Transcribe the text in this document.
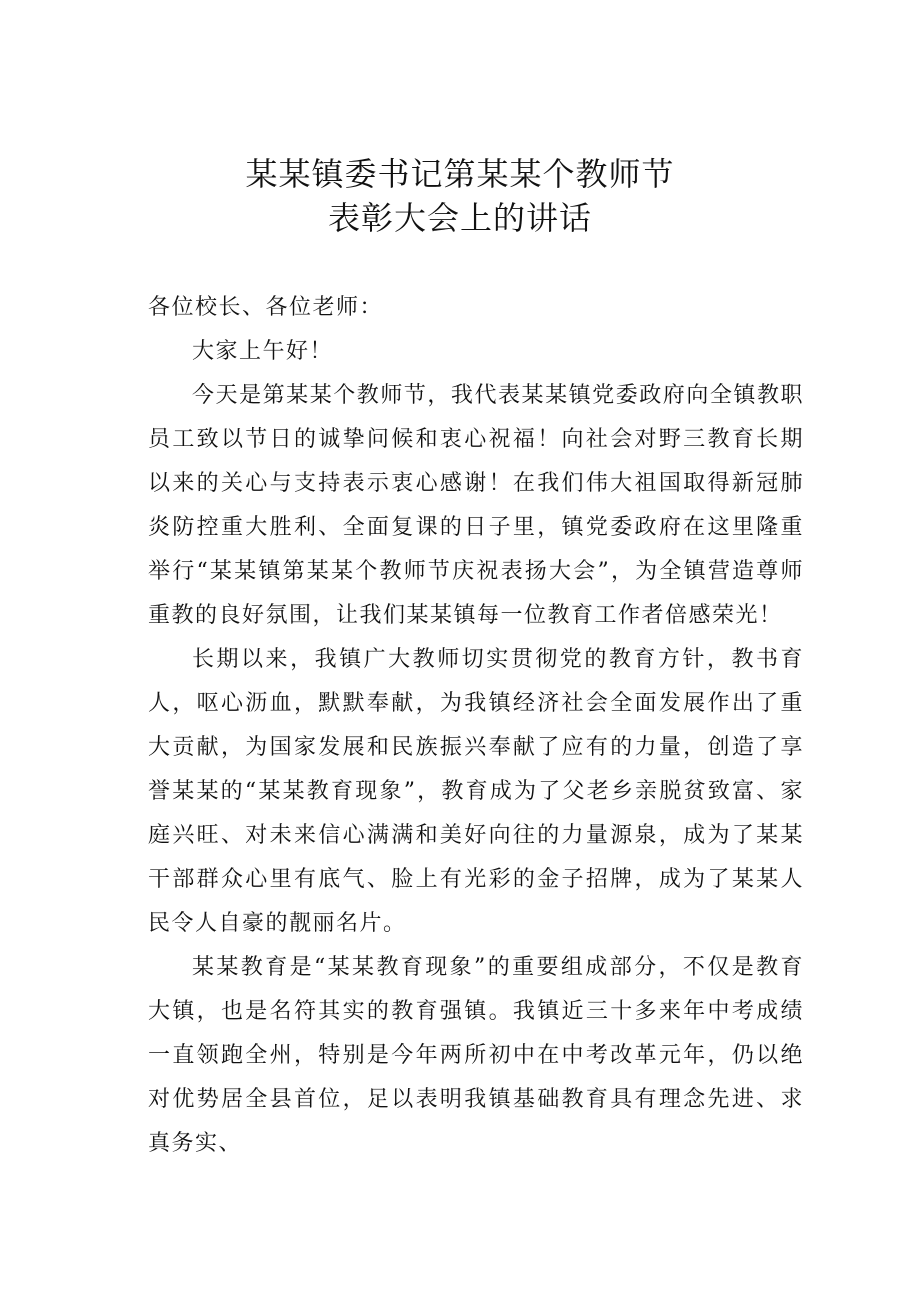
某某镇委书记第某某个教师节
表彰大会上的讲话

各位校长、各位老师：

大家上午好！

今天是第某某个教师节，我代表某某镇党委政府向全镇教职员工致以节日的诚挚问候和衷心祝福！向社会对野三教育长期以来的关心与支持表示衷心感谢！在我们伟大祖国取得新冠肺炎防控重大胜利、全面复课的日子里，镇党委政府在这里隆重举行“某某镇第某某个教师节庆祝表扬大会”，为全镇营造尊师重教的良好氛围，让我们某某镇每一位教育工作者倍感荣光！

长期以来，我镇广大教师切实贯彻党的教育方针，教书育人，呕心沥血，默默奉献，为我镇经济社会全面发展作出了重大贡献，为国家发展和民族振兴奉献了应有的力量，创造了享誉某某的“某某教育现象”，教育成为了父老乡亲脱贫致富、家庭兴旺、对未来信心满满和美好向往的力量源泉，成为了某某干部群众心里有底气、脸上有光彩的金子招牌，成为了某某人民令人自豪的靓丽名片。

某某教育是“某某教育现象”的重要组成部分，不仅是教育大镇，也是名符其实的教育强镇。我镇近三十多来年中考成绩一直领跑全州，特别是今年两所初中在中考改革元年，仍以绝对优势居全县首位，足以表明我镇基础教育具有理念先进、求真务实、
